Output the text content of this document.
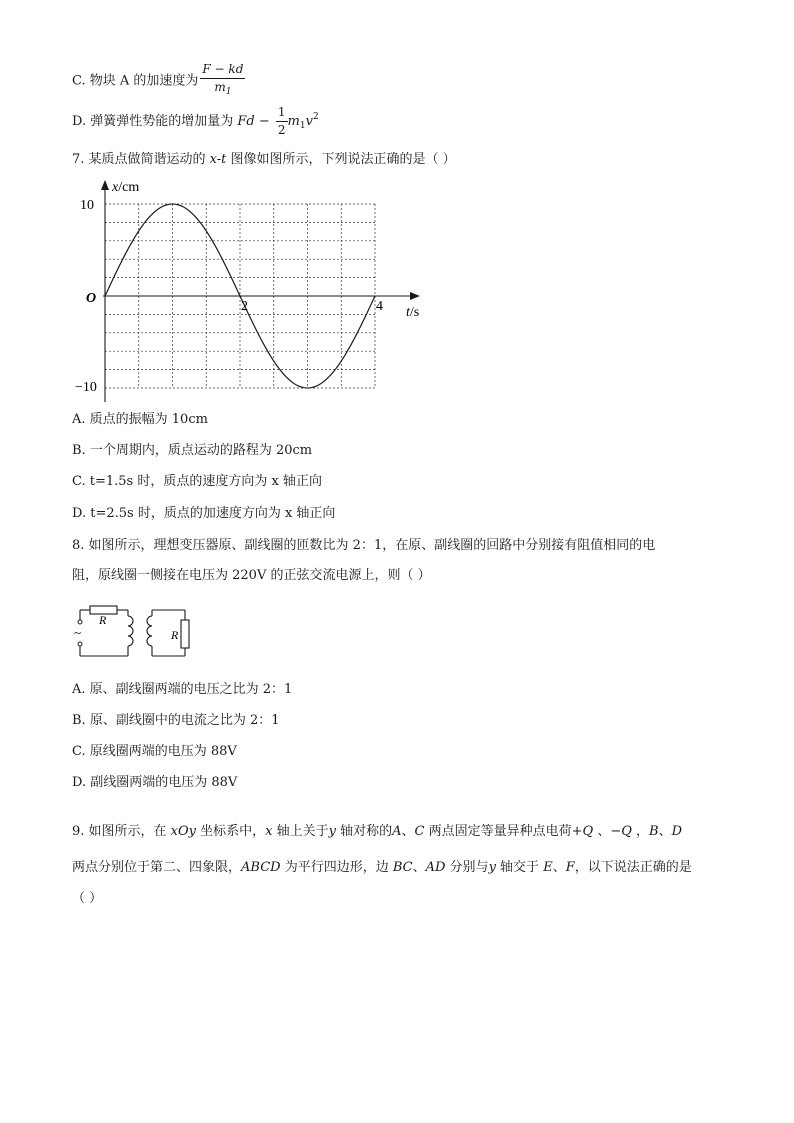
C. 物块 A 的加速度为 $\frac{F - kd}{m_1}$
D. 弹簧弹性势能的增加量为 $Fd - \frac{1}{2} m_1v^2$
7. 某质点做简谐运动的 x-t 图像如图所示，下列说法正确的是（ ）
x/cm
t/s
O
10
−10
2	4
A. 质点的振幅为 10cm
B. 一个周期内，质点运动的路程为 20cm
C. t=1.5s 时，质点的速度方向为 x 轴正向
D. t=2.5s 时，质点的加速度方向为 x 轴正向
8. 如图所示，理想变压器原、副线圈的匝数比为 2：1，在原、副线圈的回路中分别接有阻值相同的电
阻，原线圈一侧接在电压为 220V 的正弦交流电源上，则（ ）
~
R
R
A. 原、副线圈两端的电压之比为 2：1
B. 原、副线圈中的电流之比为 2：1
C. 原线圈两端的电压为 88V
D. 副线圈两端的电压为 88V
9. 如图所示，在 xOy 坐标系中，x 轴上关于y 轴对称的A、C 两点固定等量异种点电荷+Q 、−Q ，B、D
两点分别位于第二、四象限，ABCD 为平行四边形，边 BC、AD 分别与y 轴交于 E、F，以下说法正确的是
（ ）
